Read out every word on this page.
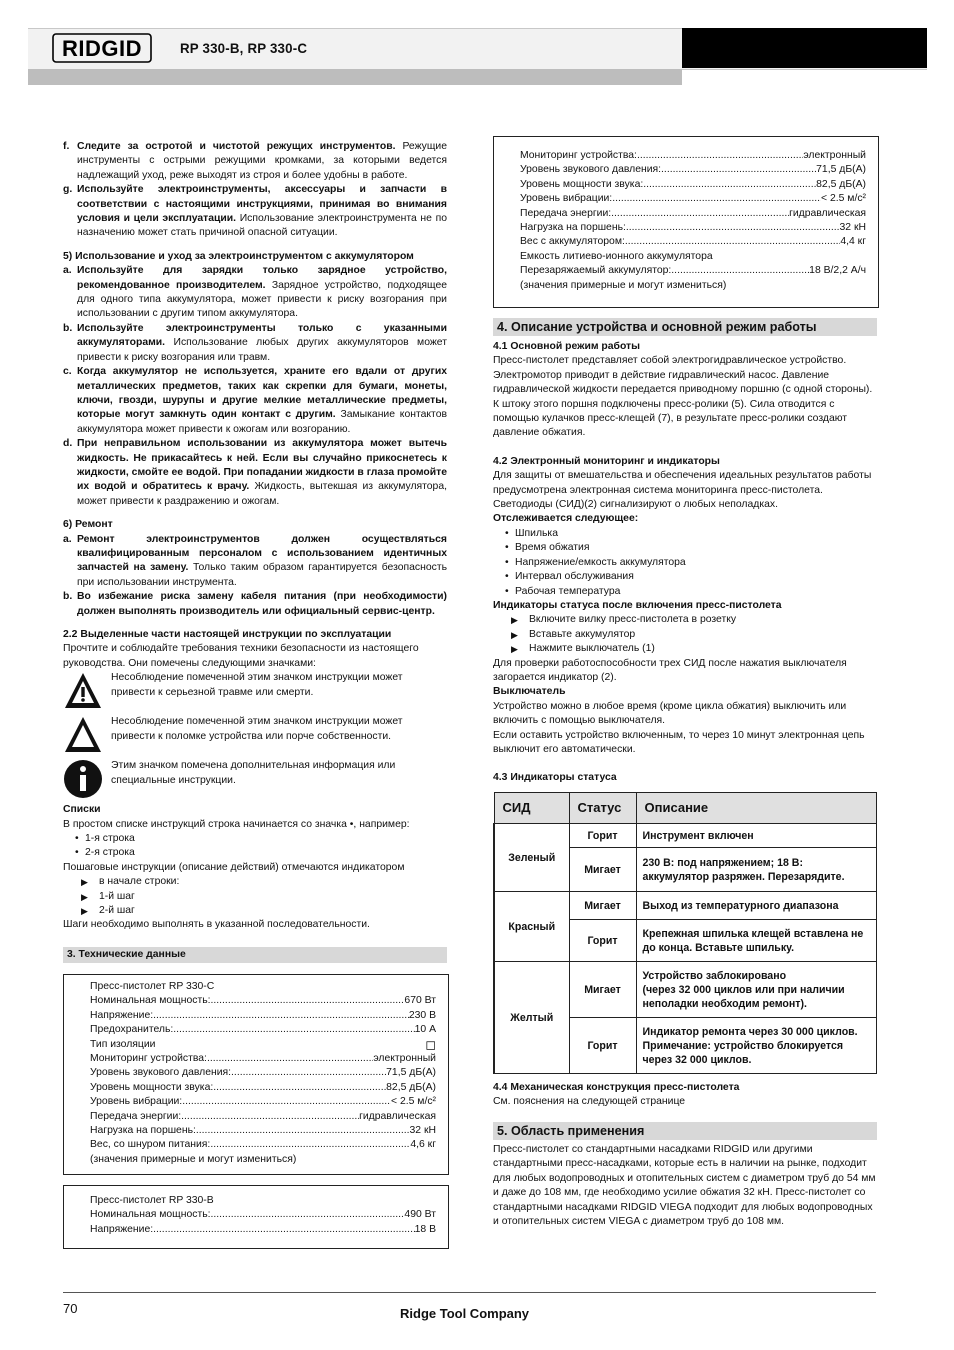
RIDGID	RP 330-B, RP 330-C
f. Следите за остротой и чистотой режущих инструментов. Режущие инструменты с острыми режущими кромками, за которыми ведется надлежащий уход, реже выходят из строя и более удобны в работе.

g. Используйте электроинструменты, аксессуары и запчасти в соответствии с настоящими инструкциями, принимая во внимания условия и цели эксплуатации. Использование электроинструмента не по назначению может стать причиной опасной ситуации.

5) Использование и уход за электроинструментом с аккумулятором

a. Используйте для зарядки только зарядное устройство, рекомендованное производителем. Зарядное устройство, подходящее для одного типа аккумулятора, может привести к риску возгорания при использовании с другим типом аккумулятора.

b. Используйте электроинструменты только с указанными аккумуляторами. Использование любых других аккумуляторов может привести к риску возгорания или травм.

c. Когда аккумулятор не используется, храните его вдали от других металлических предметов, таких как скрепки для бумаги, монеты, ключи, гвозди, шурупы и другие мелкие металлические предметы, которые могут замкнуть один контакт с другим. Замыкание контактов аккумулятора может привести к ожогам или возгоранию.

d. При неправильном использовании из аккумулятора может вытечь жидкость. Не прикасайтесь к ней. Если вы случайно прикоснетесь к жидкости, смойте ее водой. При попадании жидкости в глаза промойте их водой и обратитесь к врачу. Жидкость, вытекшая из аккумулятора, может привести к раздражению и ожогам.

6) Ремонт

a. Ремонт электроинструментов должен осуществляться квалифицированным персоналом с использованием идентичных запчастей на замену. Только таким образом гарантируется безопасность при использовании инструмента.

b. Во избежание риска замену кабеля питания (при необходимости) должен выполнять производитель или официальный сервис-центр.

2.2 Выделенные части настоящей инструкции по эксплуатации

Прочтите и соблюдайте требования техники безопасности из настоящего руководства. Они помечены следующими значками:

Несоблюдение помеченной этим значком инструкции может привести к серьезной травме или смерти.

Несоблюдение помеченной этим значком инструкции может привести к поломке устройства или порче собственности.

Этим значком помечена дополнительная информация или специальные инструкции.

Списки

В простом списке инструкций строка начинается со значка •, например:

• 1-я строка

• 2-я строка

Пошаговые инструкции (описание действий) отмечаются индикатором

▶ в начале строки:

▶ 1-й шаг

▶ 2-й шаг

Шаги необходимо выполнять в указанной последовательности.

3. Технические данные

Пресс-пистолет RP 330-C

Номинальная мощность: .....	670 Вт
Напряжение: .....	230 В
Предохранитель: .....	10 А
Тип изоляции	◻
Мониторинг устройства: .....	электронный
Уровень звукового давления: .....	71,5 дБ(А)
Уровень мощности звука: .....	82,5 дБ(А)
Уровень вибрации: .....	< 2.5 м/с²
Передача энергии: .....	гидравлическая
Нагрузка на поршень: .....	32 кН
Вес, со шнуром питания: .....	4,6 кг

(значения примерные и могут измениться)

Пресс-пистолет RP 330-B

Номинальная мощность: .....	490 Вт
Напряжение: .....	18 В
Мониторинг устройства: .....	электронный
Уровень звукового давления: .....	71,5 дБ(А)
Уровень мощности звука: .....	82,5 дБ(А)
Уровень вибрации: .....	< 2.5 м/с²
Передача энергии: .....	гидравлическая
Нагрузка на поршень: .....	32 кН
Вес с аккумулятором: .....	4,4 кг

Емкость литиево-ионного аккумулятора

Перезаряжаемый аккумулятор: .....	18 В/2,2 А/ч

(значения примерные и могут измениться)

4. Описание устройства и основной режим работы

4.1 Основной режим работы

Пресс-пистолет представляет собой электрогидравлическое устройство. Электромотор приводит в действие гидравлический насос. Давление гидравлической жидкости передается приводному поршню (с одной стороны). К штоку этого поршня подключены пресс-ролики (5). Сила отводится с помощью кулачков пресс-клещей (7), в результате пресс-ролики создают давление обжатия.

4.2 Электронный мониторинг и индикаторы

Для защиты от вмешательства и обеспечения идеальных результатов работы предусмотрена электронная система мониторинга пресс-пистолета. Светодиоды (СИД)(2) сигнализируют о любых неполадках.

Отслеживается следующее:

• Шпилька

• Время обжатия

• Напряжение/емкость аккумулятора

• Интервал обслуживания

• Рабочая температура

Индикаторы статуса после включения пресс-пистолета

▶ Включите вилку пресс-пистолета в розетку

▶ Вставьте аккумулятор

▶ Нажмите выключатель (1)

Для проверки работоспособности трех СИД после нажатия выключателя загорается индикатор (2).

Выключатель

Устройство можно в любое время (кроме цикла обжатия) выключить или включить с помощью выключателя.

Если оставить устройство включенным, то через 10 минут электронная цепь выключит его автоматически.

4.3 Индикаторы статуса

СИД	Статус	Описание
Зеленый	Горит	Инструмент включен
	Мигает	230 В: под напряжением; 18 В: аккумулятор разряжен. Перезарядите.
Красный	Мигает	Выход из температурного диапазона
	Горит	Крепежная шпилька клещей вставлена не до конца. Вставьте шпильку.
Желтый	Мигает	Устройство заблокировано
(через 32 000 циклов или при наличии неполадки необходим ремонт).

	Горит	Индикатор ремонта через 30 000 циклов.
Примечание: устройство блокируется через 32 000 циклов.

4.4 Механическая конструкция пресс-пистолета

См. пояснения на следующей странице

5. Область применения

Пресс-пистолет со стандартными насадками RIDGID или другими стандартными пресс-насадками, которые есть в наличии на рынке, подходит для любых водопроводных и отопительных систем с диаметром труб до 54 мм и даже до 108 мм, где необходимо усилие обжатия 32 кН. Пресс-пистолет со стандартными насадками RIDGID VIEGA подходит для любых водопроводных и отопительных систем VIEGA с диаметром труб до 108 мм.

70	Ridge Tool Company
